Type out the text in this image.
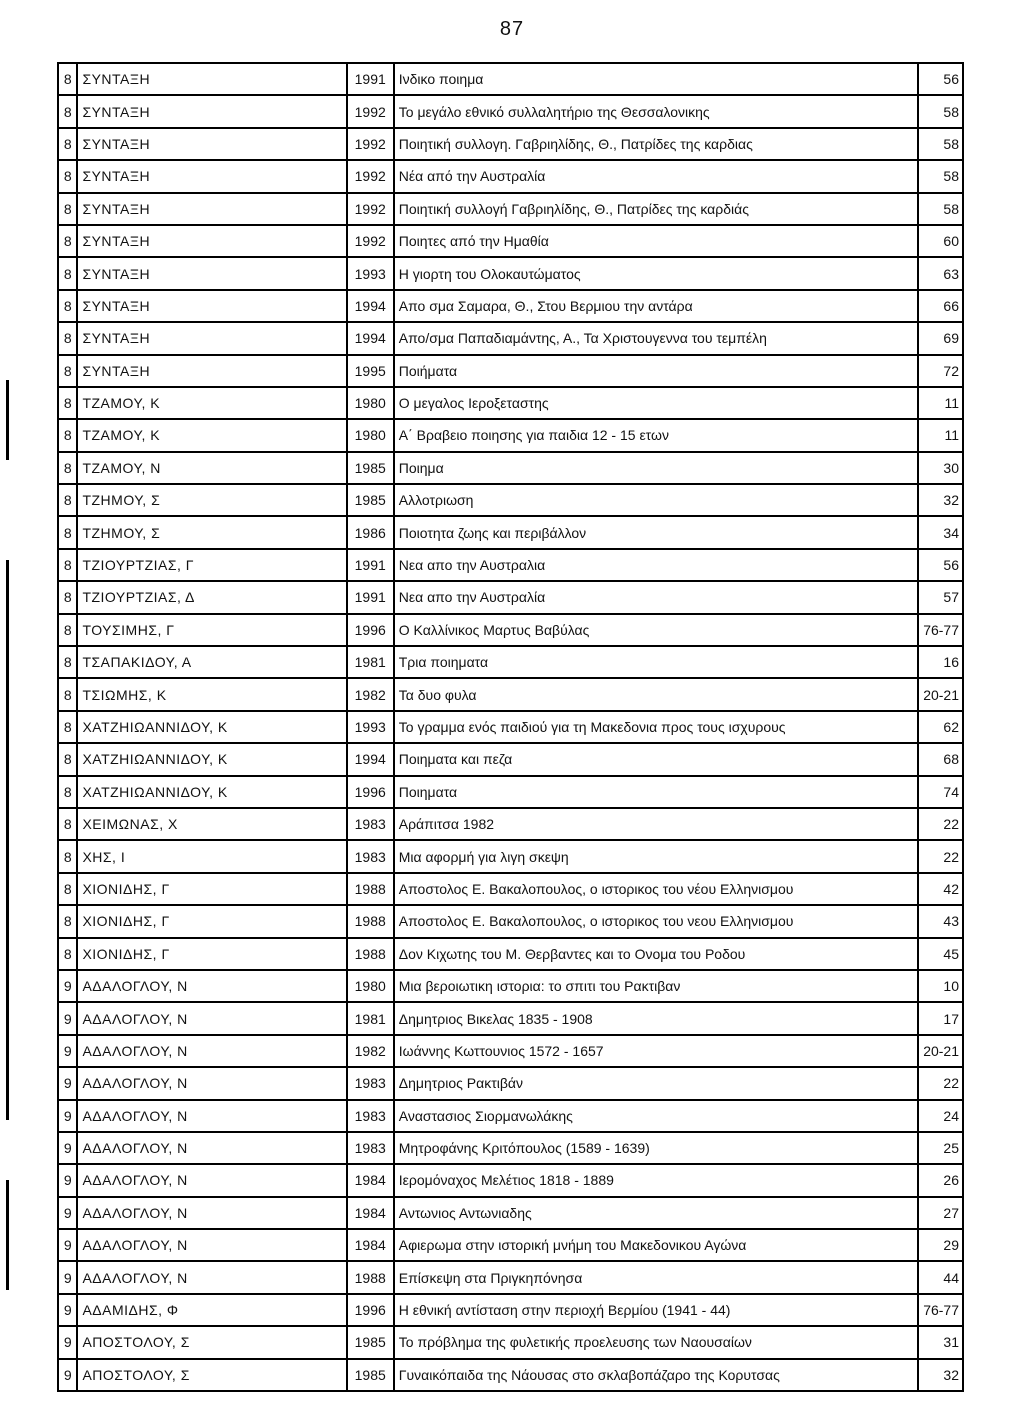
87
8	ΣΥΝΤΑΞΗ	1991	Ινδικο ποιημα	56
8	ΣΥΝΤΑΞΗ	1992	Το μεγάλο εθνικό συλλαλητήριο της Θεσσαλονικης	58
8	ΣΥΝΤΑΞΗ	1992	Ποιητική συλλογη. Γαβριηλίδης, Θ., Πατρίδες της καρδιας	58
8	ΣΥΝΤΑΞΗ	1992	Νέα από την Αυστραλία	58
8	ΣΥΝΤΑΞΗ	1992	Ποιητική συλλογή Γαβριηλίδης, Θ., Πατρίδες της καρδιάς	58
8	ΣΥΝΤΑΞΗ	1992	Ποιητες από την Ημαθία	60
8	ΣΥΝΤΑΞΗ	1993	Η γιορτη του Ολοκαυτώματος	63
8	ΣΥΝΤΑΞΗ	1994	Απο σμα Σαμαρα, Θ., Στου Βερμιου την αντάρα	66
8	ΣΥΝΤΑΞΗ	1994	Απο/σμα Παπαδιαμάντης, Α., Τα Χριστουγεννα του τεμπέλη	69
8	ΣΥΝΤΑΞΗ	1995	Ποιήματα	72
8	ΤΖΑΜΟΥ, Κ	1980	Ο μεγαλος Ιεροξεταστης	11
8	ΤΖΑΜΟΥ, Κ	1980	Α΄ Βραβειο ποιησης για παιδια 12 - 15 ετων	11
8	ΤΖΑΜΟΥ, Ν	1985	Ποιημα	30
8	ΤΖΗΜΟΥ, Σ	1985	Αλλοτριωση	32
8	ΤΖΗΜΟΥ, Σ	1986	Ποιοτητα ζωης και περιβάλλον	34
8	ΤΖΙΟΥΡΤΖΙΑΣ, Γ	1991	Νεα απο την Αυστραλια	56
8	ΤΖΙΟΥΡΤΖΙΑΣ, Δ	1991	Νεα απο την Αυστραλία	57
8	ΤΟΥΣΙΜΗΣ, Γ	1996	Ο Καλλίνικος Μαρτυς Βαβύλας	76-77
8	ΤΣΑΠΑΚΙΔΟΥ, Α	1981	Τρια ποιηματα	16
8	ΤΣΙΩΜΗΣ, Κ	1982	Τα δυο φυλα	20-21
8	ΧΑΤΖΗΙΩΑΝΝΙΔΟΥ, Κ	1993	Το γραμμα ενός παιδιού για τη Μακεδονια προς τους ισχυρους	62
8	ΧΑΤΖΗΙΩΑΝΝΙΔΟΥ, Κ	1994	Ποιηματα και πεζα	68
8	ΧΑΤΖΗΙΩΑΝΝΙΔΟΥ, Κ	1996	Ποιηματα	74
8	ΧΕΙΜΩΝΑΣ, Χ	1983	Αράπιτσα 1982	22
8	ΧΗΣ, Ι	1983	Μια αφορμή για λιγη σκεψη	22
8	ΧΙΟΝΙΔΗΣ, Γ	1988	Αποστολος Ε. Βακαλοπουλος, ο ιστορικος του νέου Ελληνισμου	42
8	ΧΙΟΝΙΔΗΣ, Γ	1988	Αποστολος Ε. Βακαλοπουλος, ο ιστορικος του νεου Ελληνισμου	43
8	ΧΙΟΝΙΔΗΣ, Γ	1988	Δον Κιχωτης του Μ. Θερβαντες και το Ονομα του Ροδου	45
9	ΑΔΑΛΟΓΛΟΥ, Ν	1980	Μια βεροιωτικη ιστορια: το σπιτι του Ρακτιβαν	10
9	ΑΔΑΛΟΓΛΟΥ, Ν	1981	Δημητριος Βικελας 1835 - 1908	17
9	ΑΔΑΛΟΓΛΟΥ, Ν	1982	Ιωάννης Κωττουνιος 1572 - 1657	20-21
9	ΑΔΑΛΟΓΛΟΥ, Ν	1983	Δημητριος Ρακτιβάν	22
9	ΑΔΑΛΟΓΛΟΥ, Ν	1983	Αναστασιος Σιορμανωλάκης	24
9	ΑΔΑΛΟΓΛΟΥ, Ν	1983	Μητροφάνης Κριτόπουλος (1589 - 1639)	25
9	ΑΔΑΛΟΓΛΟΥ, Ν	1984	Ιερομόναχος Μελέτιος 1818 - 1889	26
9	ΑΔΑΛΟΓΛΟΥ, Ν	1984	Αντωνιος Αντωνιαδης	27
9	ΑΔΑΛΟΓΛΟΥ, Ν	1984	Αφιερωμα στην ιστορική μνήμη του Μακεδονικου Αγώνα	29
9	ΑΔΑΛΟΓΛΟΥ, Ν	1988	Επίσκεψη στα Πριγκηπόνησα	44
9	ΑΔΑΜΙΔΗΣ, Φ	1996	Η εθνική αντίσταση στην περιοχή Βερμίου (1941 - 44)	76-77
9	ΑΠΟΣΤΟΛΟΥ, Σ	1985	Το πρόβλημα της φυλετικής προελευσης των Ναουσαίων	31
9	ΑΠΟΣΤΟΛΟΥ, Σ	1985	Γυναικόπαιδα της Νάουσας στο σκλαβοπάζαρο της Κορυτσας	32
